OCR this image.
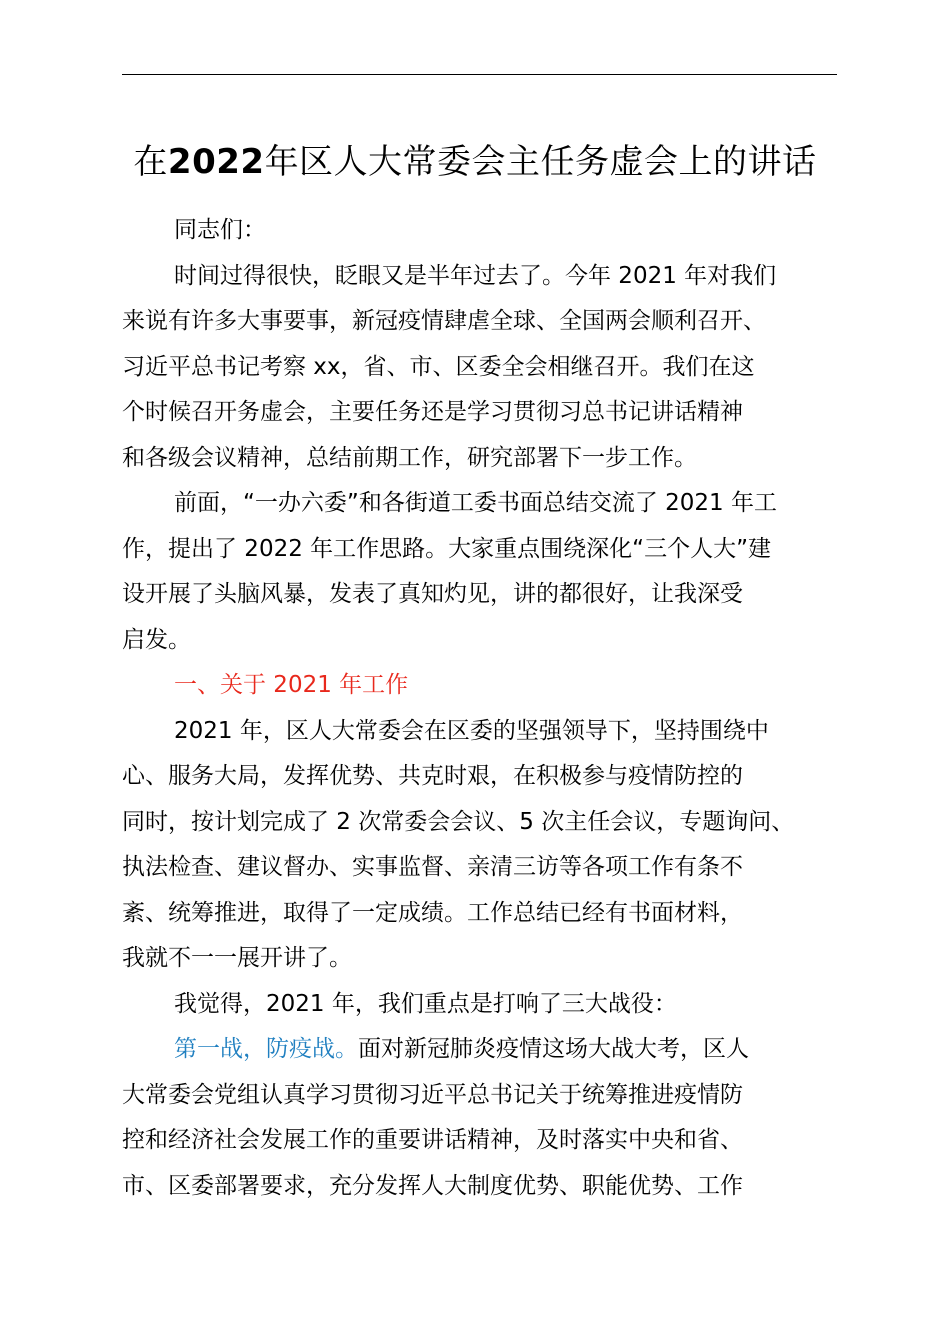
在2022年区人大常委会主任务虚会上的讲话

同志们：

时间过得很快，眨眼又是半年过去了。今年 2021 年对我们

来说有许多大事要事，新冠疫情肆虐全球、全国两会顺利召开、
习近平总书记考察 xx，省、市、区委全会相继召开。我们在这
个时候召开务虚会，主要任务还是学习贯彻习总书记讲话精神
和各级会议精神，总结前期工作，研究部署下一步工作。

前面，“一办六委”和各街道工委书面总结交流了 2021 年工

作，提出了 2022 年工作思路。大家重点围绕深化“三个人大”建
设开展了头脑风暴，发表了真知灼见，讲的都很好，让我深受
启发。

一、关于 2021 年工作

2021 年，区人大常委会在区委的坚强领导下，坚持围绕中

心、服务大局，发挥优势、共克时艰，在积极参与疫情防控的
同时，按计划完成了 2 次常委会会议、5 次主任会议，专题询问、
执法检查、建议督办、实事监督、亲清三访等各项工作有条不
紊、统筹推进，取得了一定成绩。工作总结已经有书面材料，
我就不一一展开讲了。

我觉得，2021 年，我们重点是打响了三大战役：

第一战，防疫战。面对新冠肺炎疫情这场大战大考，区人

大常委会党组认真学习贯彻习近平总书记关于统筹推进疫情防
控和经济社会发展工作的重要讲话精神，及时落实中央和省、
市、区委部署要求，充分发挥人大制度优势、职能优势、工作
